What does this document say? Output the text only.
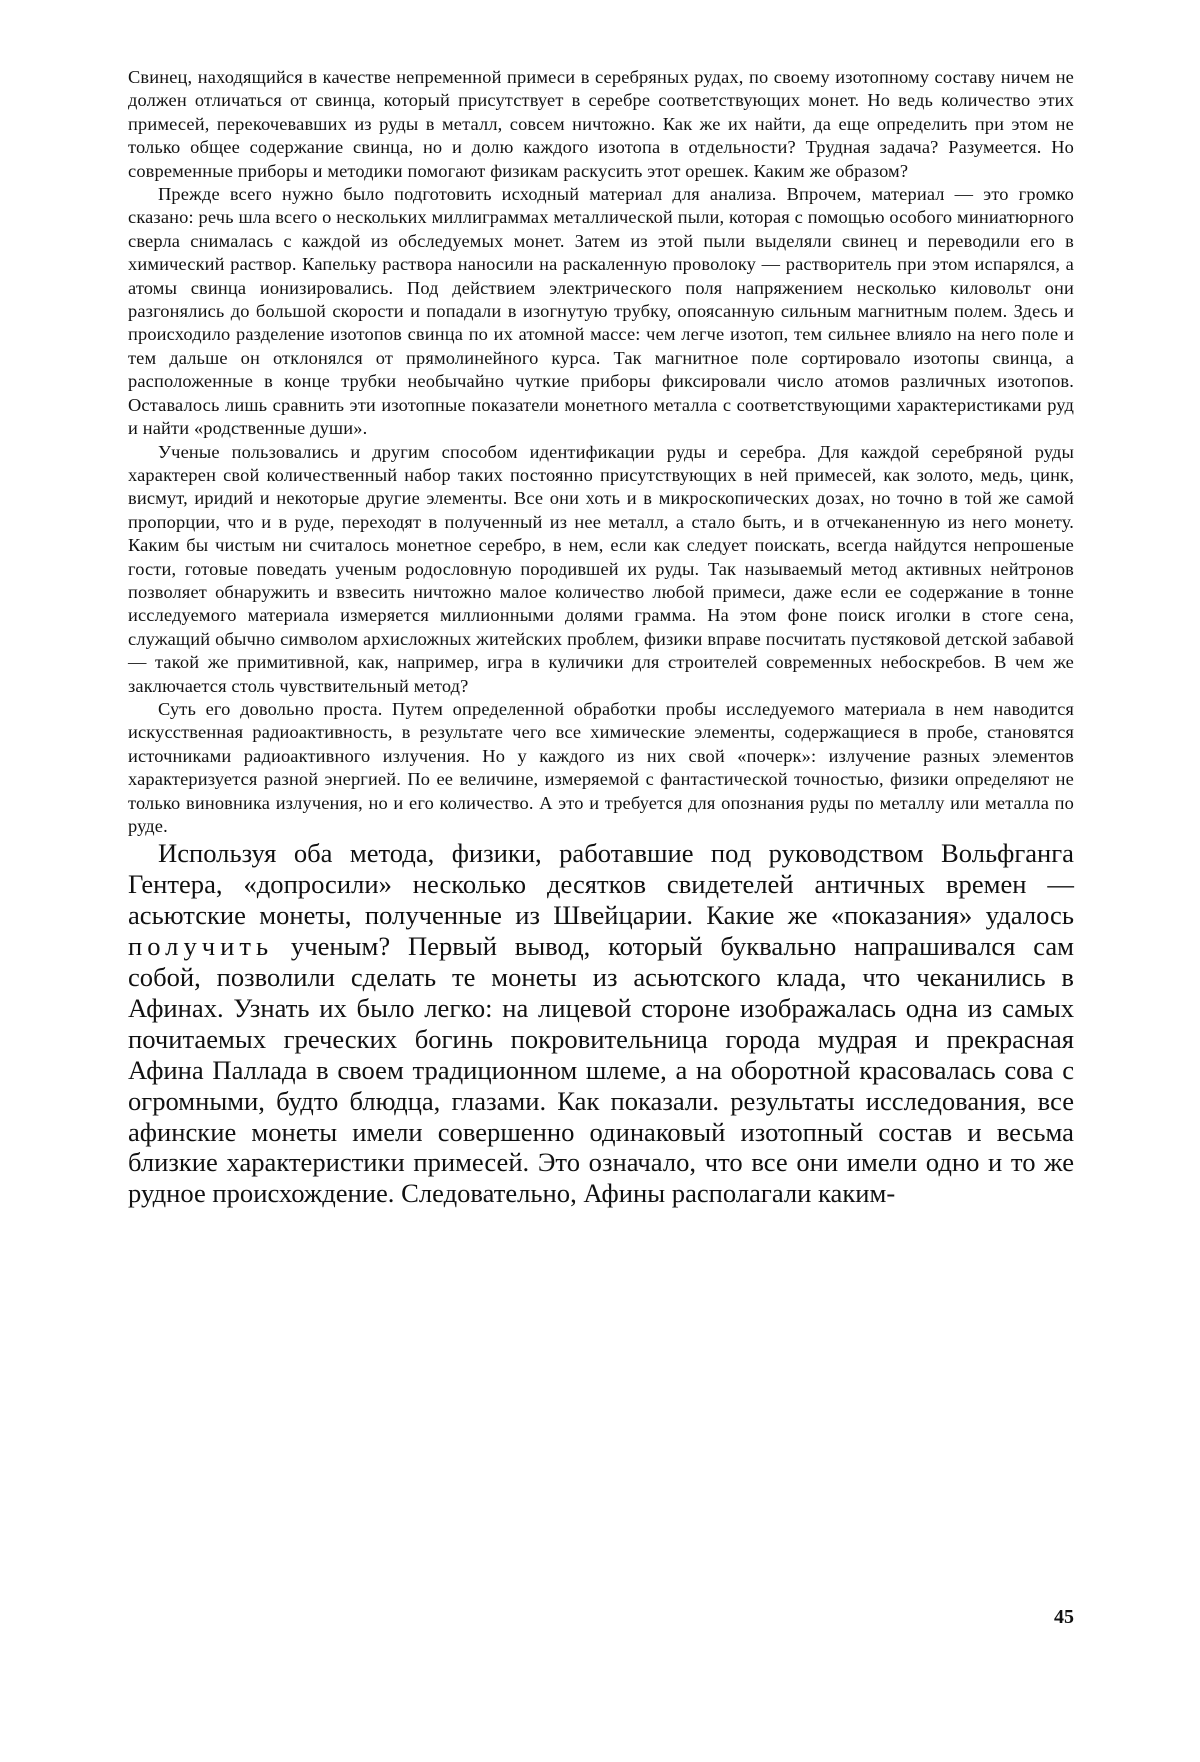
Свинец, находящийся в качестве непременной примеси в серебряных рудах, по своему изотопному составу ничем не должен отличаться от свинца, который присутствует в серебре соответствующих монет. Но ведь количество этих примесей, перекочевавших из руды в металл, совсем ничтожно. Как же их найти, да еще определить при этом не только общее содержание свинца, но и долю каждого изотопа в отдельности? Трудная задача? Разумеется. Но современные приборы и методики помогают физикам раскусить этот орешек. Каким же образом?

Прежде всего нужно было подготовить исходный материал для анализа. Впрочем, материал — это громко сказано: речь шла всего о нескольких миллиграммах металлической пыли, которая с помощью особого миниатюрного сверла снималась с каждой из обследуемых монет. Затем из этой пыли выделяли свинец и переводили его в химический раствор. Капельку раствора наносили на раскаленную проволоку — растворитель при этом испарялся, а атомы свинца ионизировались. Под действием электрического поля напряжением несколько киловольт они разгонялись до большой скорости и попадали в изогнутую трубку, опоясанную сильным магнитным полем. Здесь и происходило разделение изотопов свинца по их атомной массе: чем легче изотоп, тем сильнее влияло на него поле и тем дальше он отклонялся от прямолинейного курса. Так магнитное поле сортировало изотопы свинца, а расположенные в конце трубки необычайно чуткие приборы фиксировали число атомов различных изотопов. Оставалось лишь сравнить эти изотопные показатели монетного металла с соответствующими характеристиками руд и найти «родственные души».

Ученые пользовались и другим способом идентификации руды и серебра. Для каждой серебряной руды характерен свой количественный набор таких постоянно присутствующих в ней примесей, как золото, медь, цинк, висмут, иридий и некоторые другие элементы. Все они хоть и в микроскопических дозах, но точно в той же самой пропорции, что и в руде, переходят в полученный из нее металл, а стало быть, и в отчеканенную из него монету. Каким бы чистым ни считалось монетное серебро, в нем, если как следует поискать, всегда найдутся непрошеные гости, готовые поведать ученым родословную породившей их руды. Так называемый метод активных нейтронов позволяет обнаружить и взвесить ничтожно малое количество любой примеси, даже если ее содержание в тонне исследуемого материала измеряется миллионными долями грамма. На этом фоне поиск иголки в стоге сена, служащий обычно символом архисложных житейских проблем, физики вправе посчитать пустяковой детской забавой — такой же примитивной, как, например, игра в куличики для строителей современных небоскребов. В чем же заключается столь чувствительный метод?

Суть его довольно проста. Путем определенной обработки пробы исследуемого материала в нем наводится искусственная радиоактивность, в результате чего все химические элементы, содержащиеся в пробе, становятся источниками радиоактивного излучения. Но у каждого из них свой «почерк»: излучение разных элементов характеризуется разной энергией. По ее величине, измеряемой с фантастической точностью, физики определяют не только виновника излучения, но и его количество. А это и требуется для опознания руды по металлу или металла по руде.

Используя оба метода, физики, работавшие под руководством Вольфганга Гентера, «допросили» несколько десятков свидетелей античных времен — асьютские монеты, полученные из Швейцарии. Какие же «показания» удалось получить ученым? Первый вывод, который буквально напрашивался сам собой, позволили сделать те монеты из асьютского клада, что чеканились в Афинах. Узнать их было легко: на лицевой стороне изображалась одна из самых почитаемых греческих богинь покровительница города мудрая и прекрасная Афина Паллада в своем традиционном шлеме, а на оборотной красовалась сова с огромными, будто блюдца, глазами. Как показали. результаты исследования, все афинские монеты имели совершенно одинаковый изотопный состав и весьма близкие характеристики примесей. Это означало, что все они имели одно и то же рудное происхождение. Следовательно, Афины располагали каким-

45
